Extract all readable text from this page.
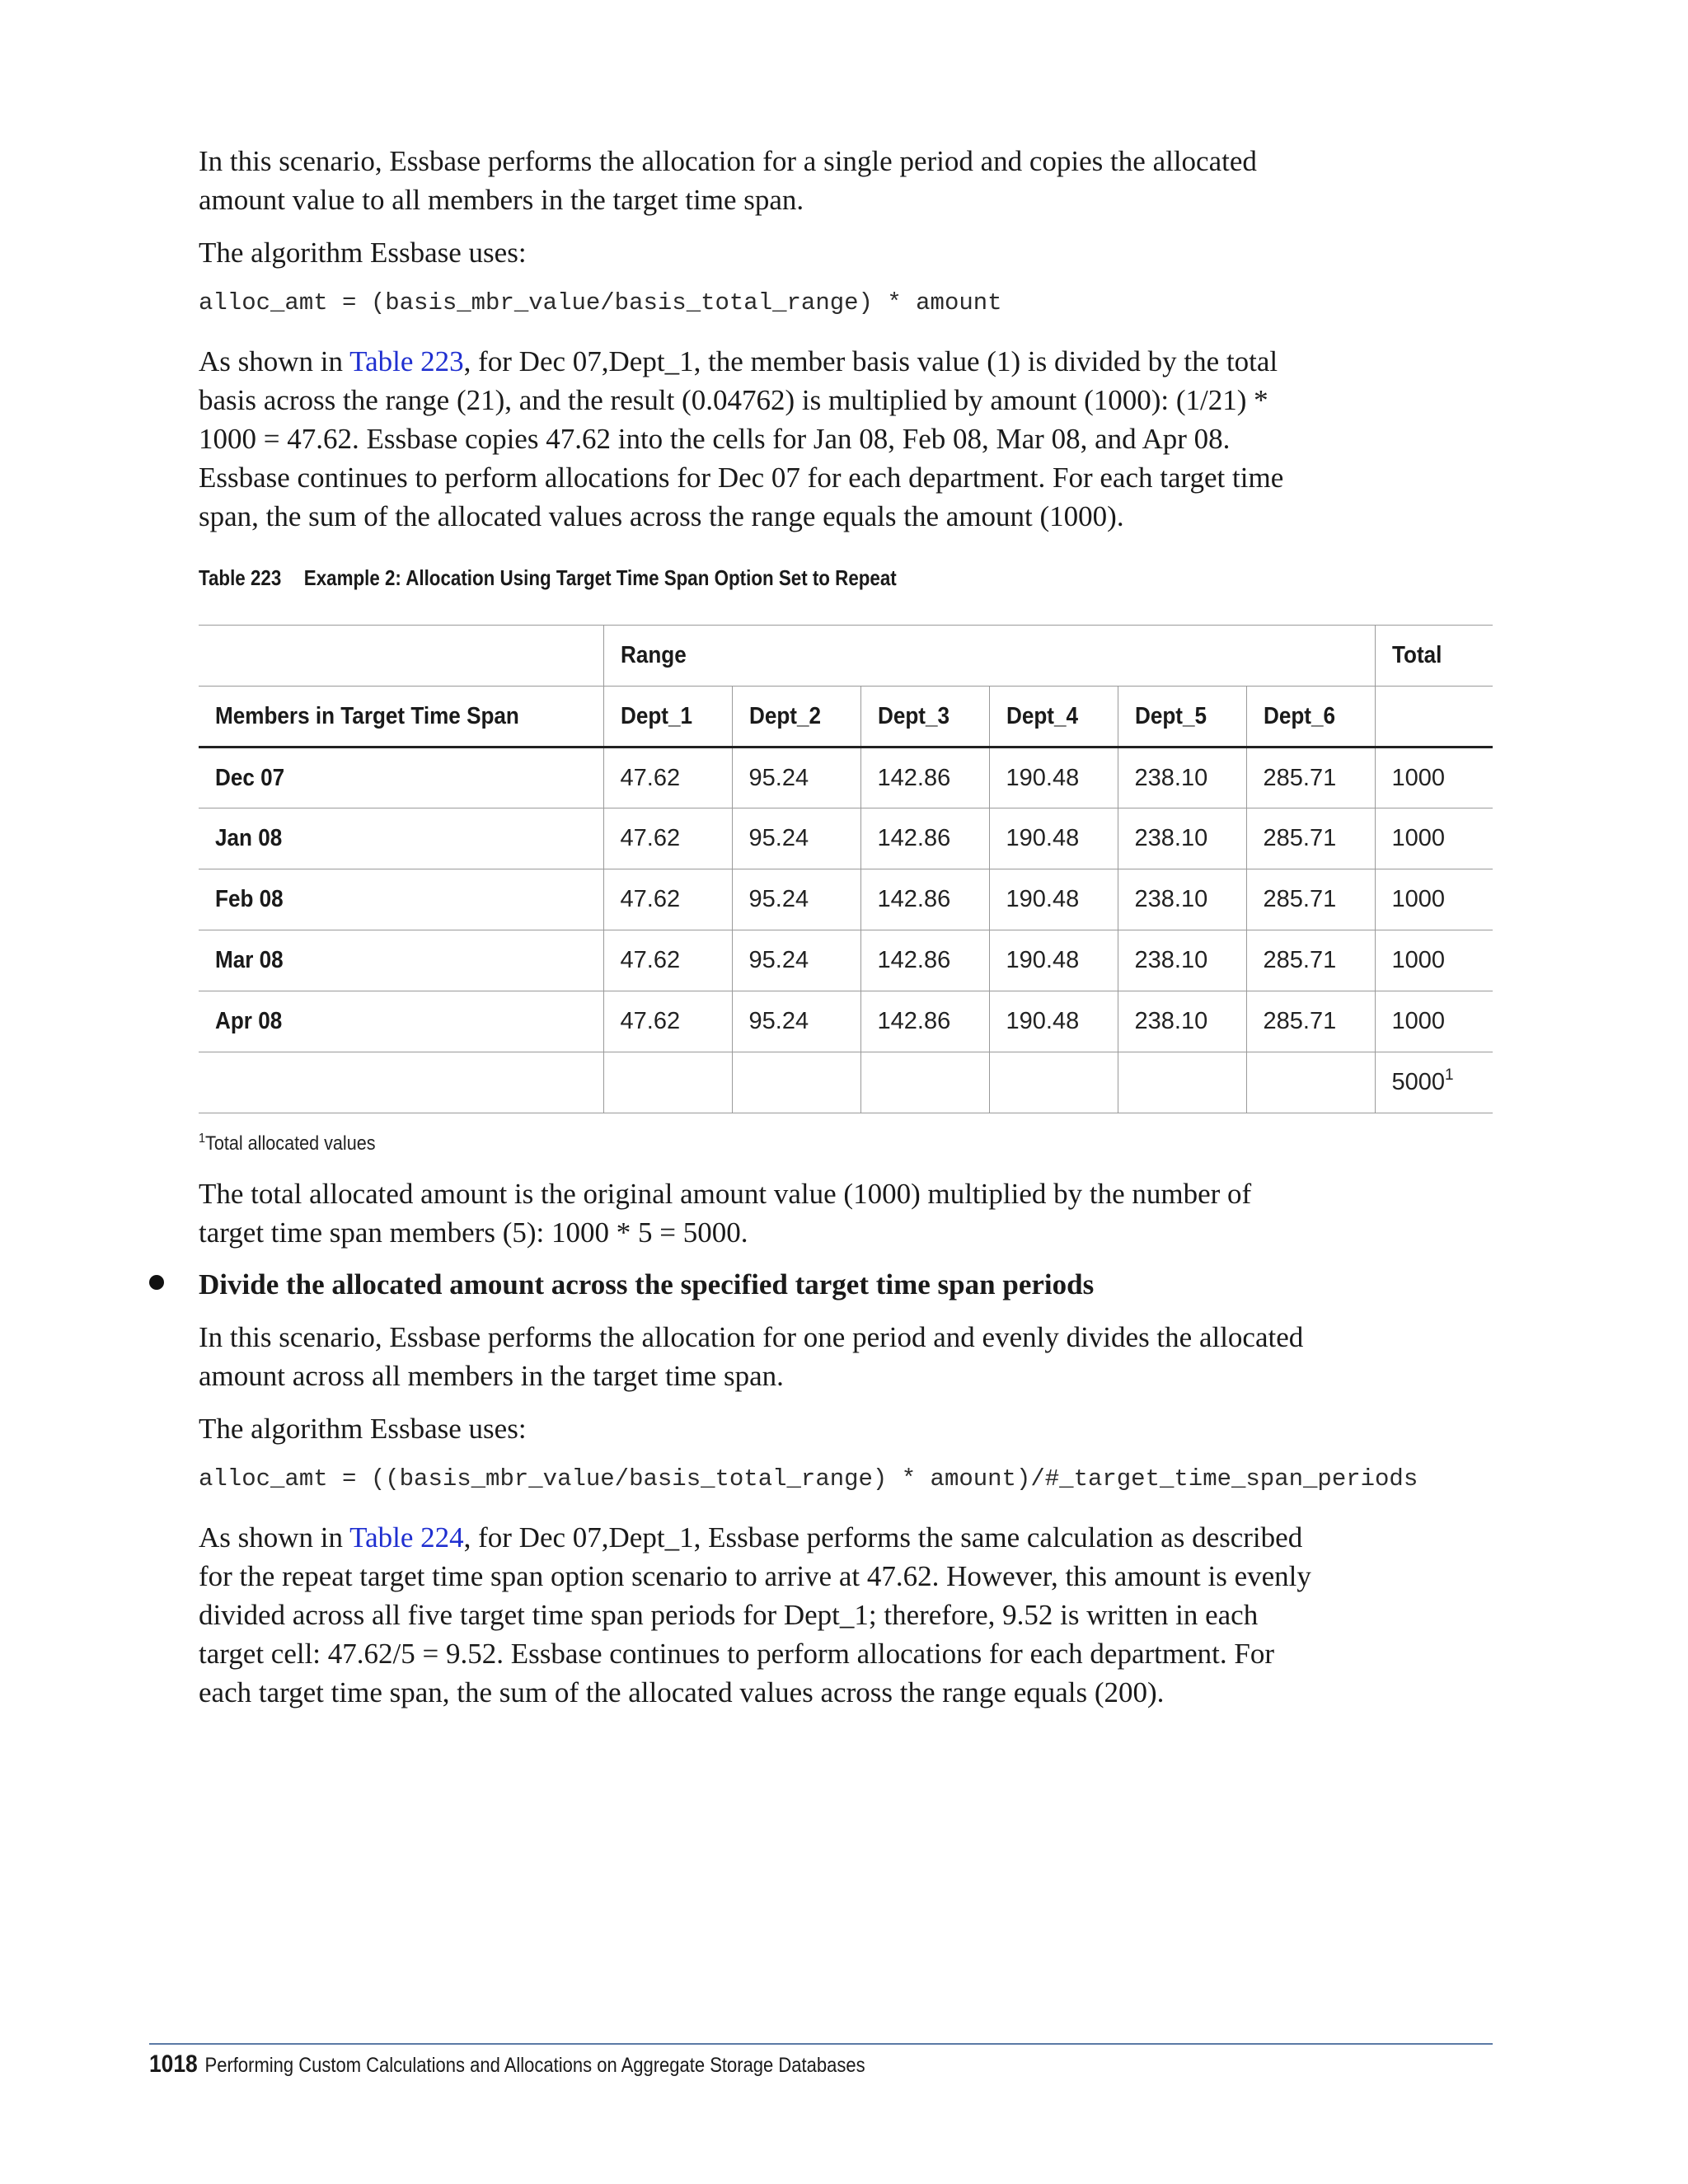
In this scenario, Essbase performs the allocation for a single period and copies the allocated amount value to all members in the target time span.

The algorithm Essbase uses:

alloc_amt = (basis_mbr_value/basis_total_range) * amount

As shown in Table 223, for Dec 07,Dept_1, the member basis value (1) is divided by the total basis across the range (21), and the result (0.04762) is multiplied by amount (1000): (1/21) * 1000 = 47.62. Essbase copies 47.62 into the cells for Jan 08, Feb 08, Mar 08, and Apr 08. Essbase continues to perform allocations for Dec 07 for each department. For each target time span, the sum of the allocated values across the range equals the amount (1000).

Table 223 Example 2: Allocation Using Target Time Span Option Set to Repeat
	Range						Total
Members in Target Time Span	Dept_1	Dept_2	Dept_3	Dept_4	Dept_5	Dept_6	
Dec 07	47.62	95.24	142.86	190.48	238.10	285.71	1000
Jan 08	47.62	95.24	142.86	190.48	238.10	285.71	1000
Feb 08	47.62	95.24	142.86	190.48	238.10	285.71	1000
Mar 08	47.62	95.24	142.86	190.48	238.10	285.71	1000
Apr 08	47.62	95.24	142.86	190.48	238.10	285.71	1000
							5000$^1$
$^1$Total allocated values

The total allocated amount is the original amount value (1000) multiplied by the number of target time span members (5): 1000 * 5 = 5000.

Divide the allocated amount across the specified target time span periods

In this scenario, Essbase performs the allocation for one period and evenly divides the allocated amount across all members in the target time span.

The algorithm Essbase uses:

alloc_amt = ((basis_mbr_value/basis_total_range) * amount)/#_target_time_span_periods

As shown in Table 224, for Dec 07,Dept_1, Essbase performs the same calculation as described for the repeat target time span option scenario to arrive at 47.62. However, this amount is evenly divided across all five target time span periods for Dept_1; therefore, 9.52 is written in each target cell: 47.62/5 = 9.52. Essbase continues to perform allocations for each department. For each target time span, the sum of the allocated values across the range equals (200).

1018 Performing Custom Calculations and Allocations on Aggregate Storage Databases
